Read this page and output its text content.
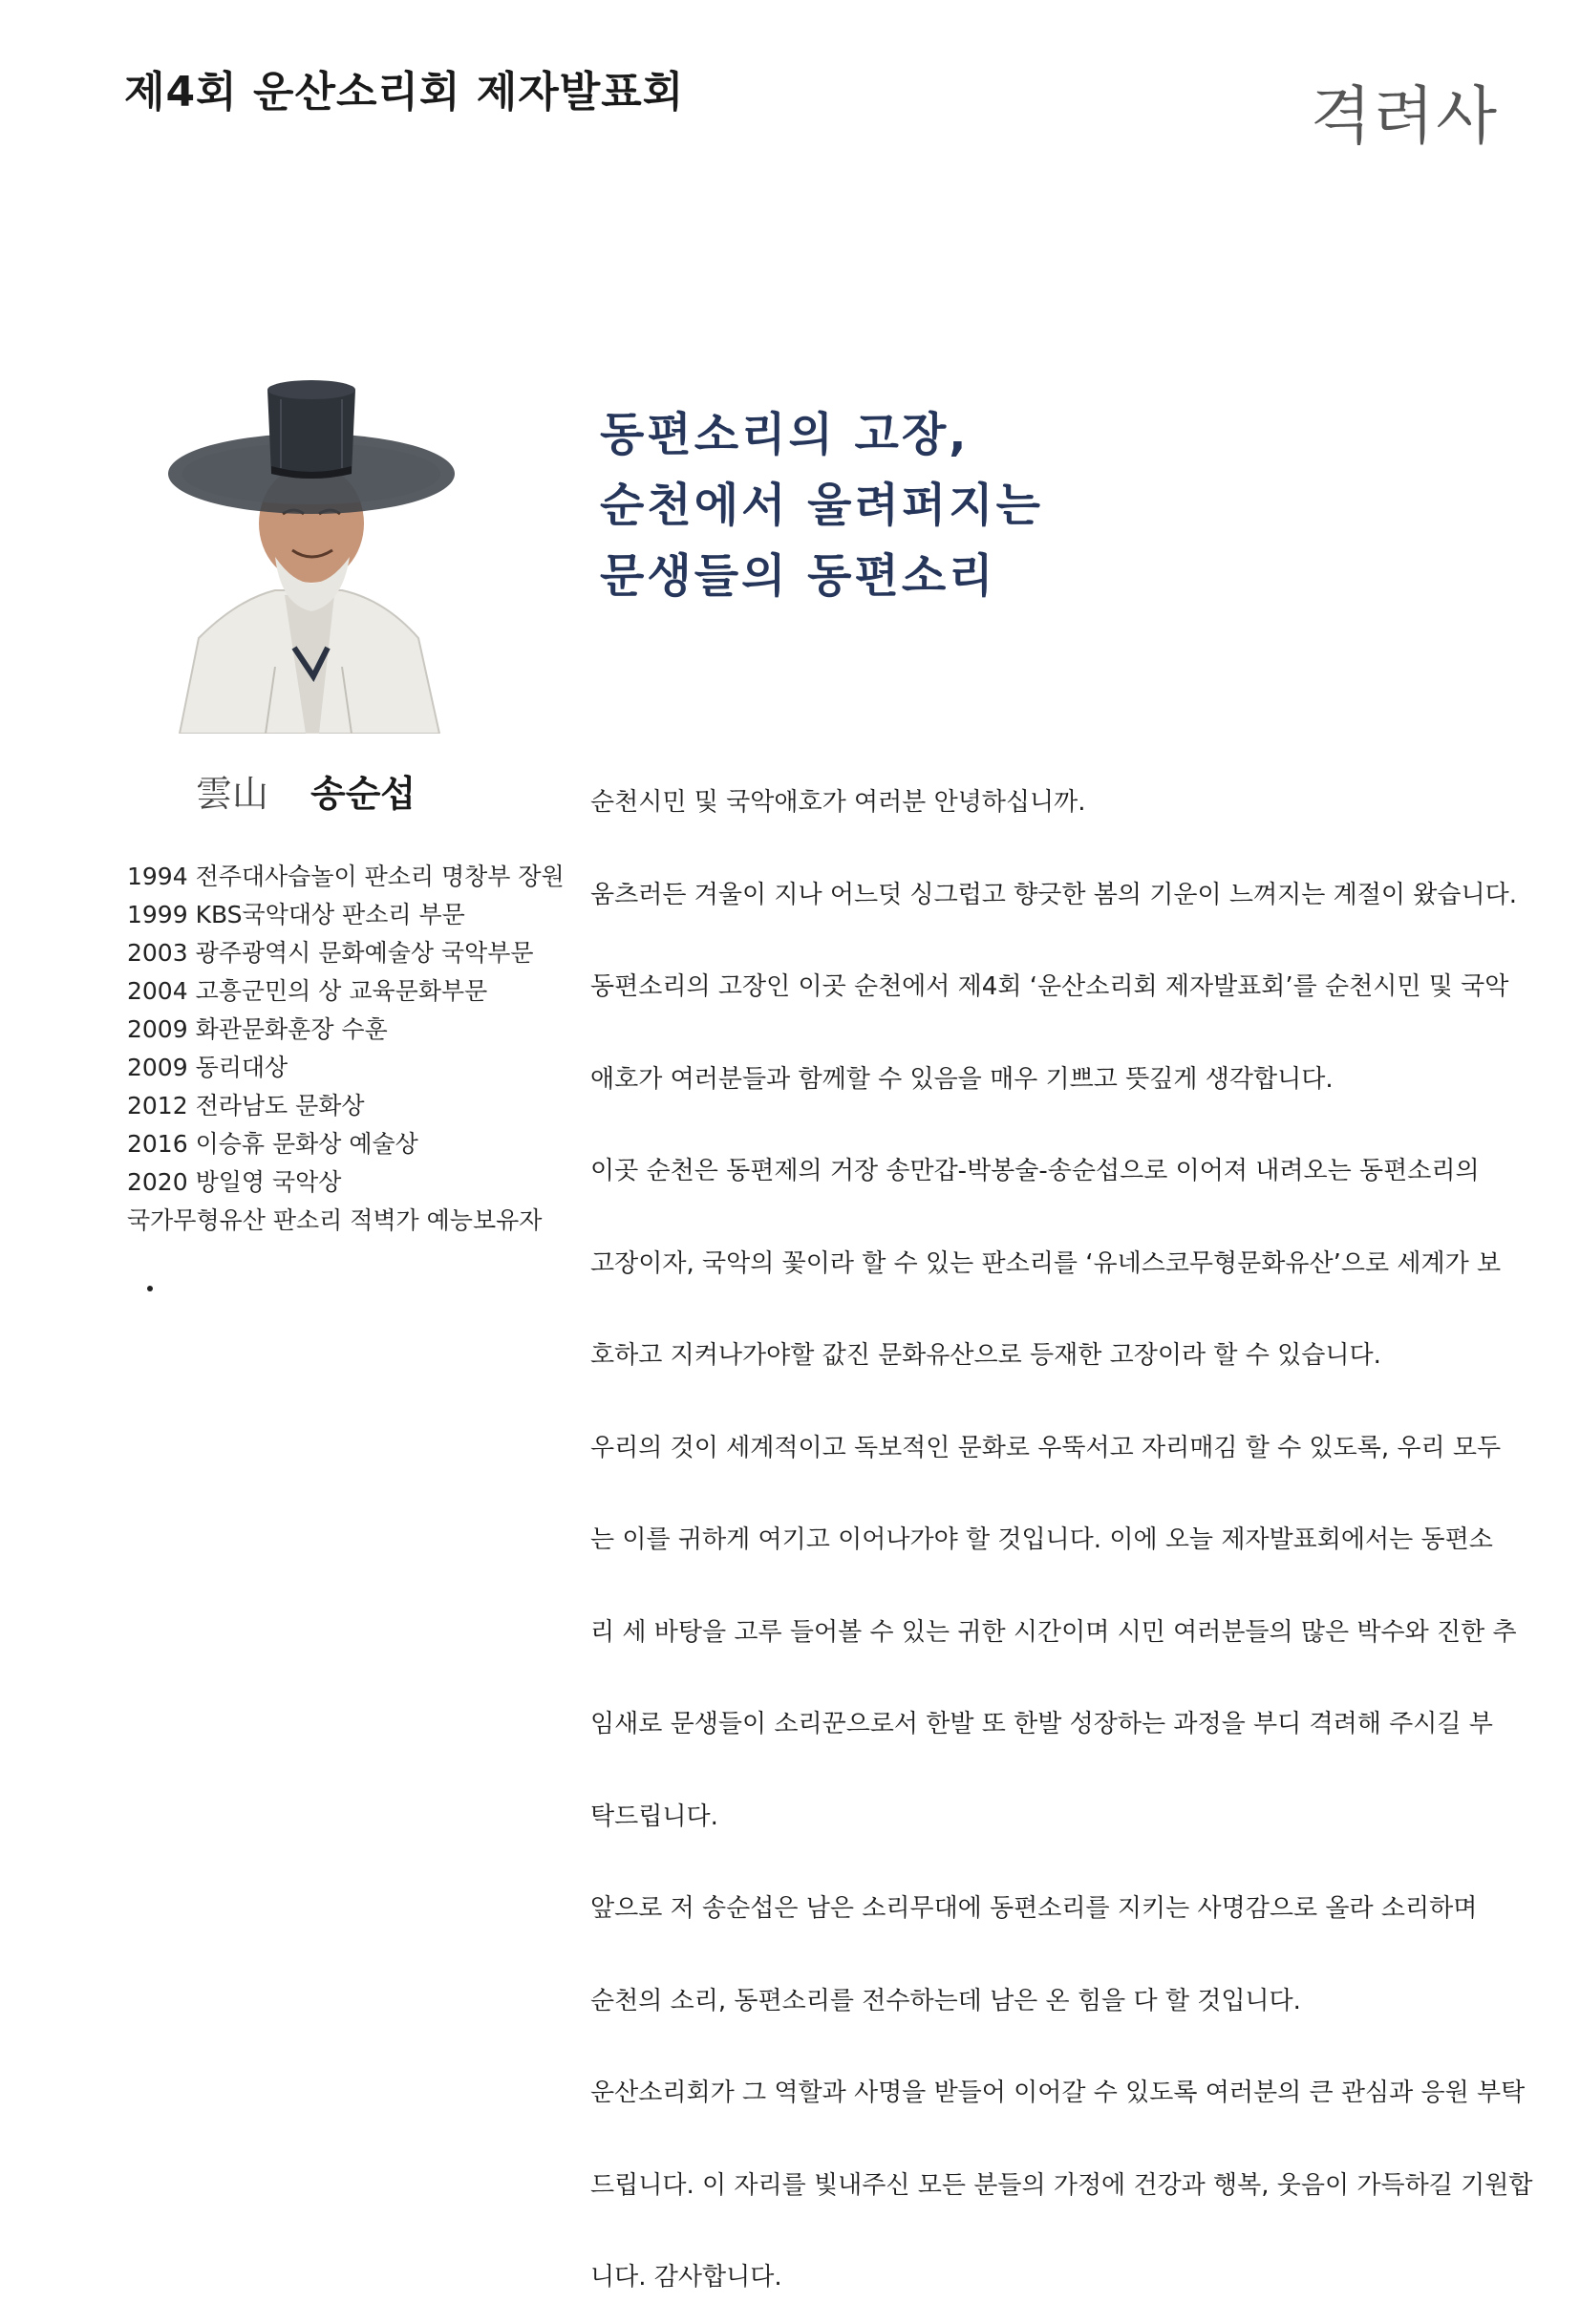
제4회 운산소리회 제자발표회	격려사
雲山 송순섭
1994 전주대사습놀이 판소리 명창부 장원
1999 KBS국악대상 판소리 부문
2003 광주광역시 문화예술상 국악부문
2004 고흥군민의 상 교육문화부문
2009 화관문화훈장 수훈
2009 동리대상
2012 전라남도 문화상
2016 이승휴 문화상 예술상
2020 방일영 국악상
국가무형유산 판소리 적벽가 예능보유자
동편소리의 고장,
순천에서 울려퍼지는
문생들의 동편소리
순천시민 및 국악애호가 여러분 안녕하십니까.
움츠러든 겨울이 지나 어느덧 싱그럽고 향긋한 봄의 기운이 느껴지는 계절이 왔습니다.
동편소리의 고장인 이곳 순천에서 제4회 ‘운산소리회 제자발표회’를 순천시민 및 국악
애호가 여러분들과 함께할 수 있음을 매우 기쁘고 뜻깊게 생각합니다.
이곳 순천은 동편제의 거장 송만갑-박봉술-송순섭으로 이어져 내려오는 동편소리의
고장이자, 국악의 꽃이라 할 수 있는 판소리를 ‘유네스코무형문화유산’으로 세계가 보
호하고 지켜나가야할 값진 문화유산으로 등재한 고장이라 할 수 있습니다.
우리의 것이 세계적이고 독보적인 문화로 우뚝서고 자리매김 할 수 있도록, 우리 모두
는 이를 귀하게 여기고 이어나가야 할 것입니다. 이에 오늘 제자발표회에서는 동편소
리 세 바탕을 고루 들어볼 수 있는 귀한 시간이며 시민 여러분들의 많은 박수와 진한 추
임새로 문생들이 소리꾼으로서 한발 또 한발 성장하는 과정을 부디 격려해 주시길 부
탁드립니다.
앞으로 저 송순섭은 남은 소리무대에 동편소리를 지키는 사명감으로 올라 소리하며
순천의 소리, 동편소리를 전수하는데 남은 온 힘을 다 할 것입니다.
운산소리회가 그 역할과 사명을 받들어 이어갈 수 있도록 여러분의 큰 관심과 응원 부탁
드립니다. 이 자리를 빛내주신 모든 분들의 가정에 건강과 행복, 웃음이 가득하길 기원합
니다. 감사합니다.
